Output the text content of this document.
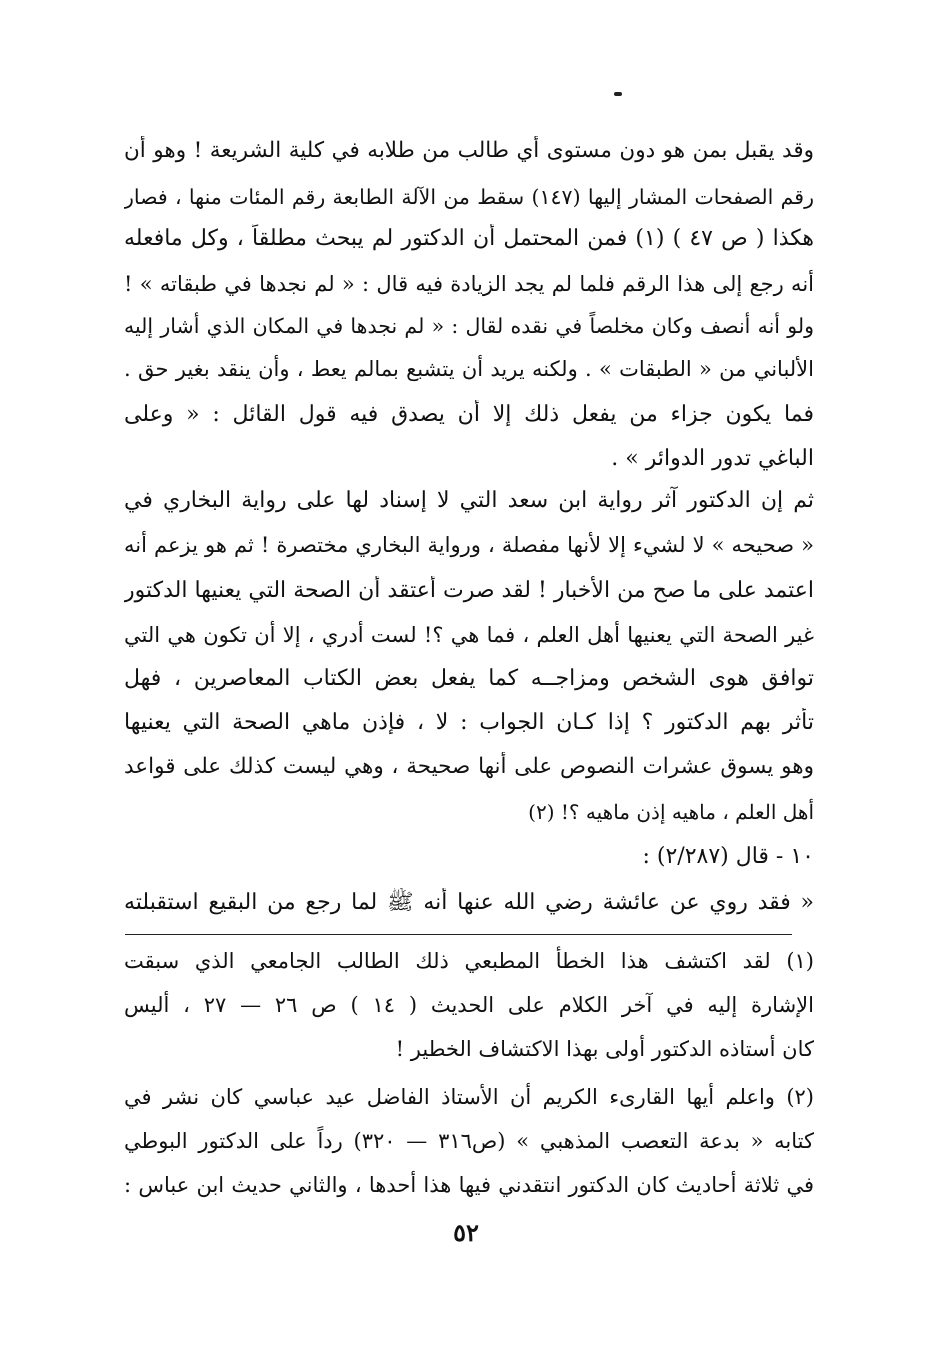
وقد يقبل بمن هو دون مستوى أي طالب من طلابه في كلية الشريعة ! وهو أن
رقم الصفحات المشار إليها (١٤٧) سقط من الآلة الطابعة رقم المئات منها ، فصار
هكذا ( ص ٤٧ ) (١) فمن المحتمل أن الدكتور لم يبحث مطلقاً ، وكل مافعله
أنه رجع إلى هذا الرقم فلما لم يجد الزيادة فيه قال : « لم نجدها في طبقاته » !
ولو أنه أنصف وكان مخلصاً في نقده لقال : « لم نجدها في المكان الذي أشار إليه
الألباني من « الطبقات » . ولكنه يريد أن يتشبع بمالم يعط ، وأن ينقد بغير حق .
فما يكون جزاء من يفعل ذلك إلا أن يصدق فيه قول القائل : « وعلى
الباغي تدور الدوائر » .
ثم إن الدكتور آثر رواية ابن سعد التي لا إسناد لها على رواية البخاري في
« صحيحه » لا لشيء إلا لأنها مفصلة ، ورواية البخاري مختصرة ! ثم هو يزعم أنه
اعتمد على ما صح من الأخبار ! لقد صرت أعتقد أن الصحة التي يعنيها الدكتور
غير الصحة التي يعنيها أهل العلم ، فما هي ؟! لست أدري ، إلا أن تكون هي التي
توافق هوى الشخص ومزاجــه كما يفعل بعض الكتاب المعاصرين ، فهل
تأثر بهم الدكتور ؟ إذا كـان الجواب : لا ، فإذن ماهي الصحة التي يعنيها
وهو يسوق عشرات النصوص على أنها صحيحة ، وهي ليست كذلك على قواعد
أهل العلم ، ماهيه إذن ماهيه ؟! (٢)
١٠ - قال (٢/٢٨٧) :
« فقد روي عن عائشة رضي الله عنها أنه ﷺ لما رجع من البقيع استقبلته
(١) لقد اكتشف هذا الخطأ المطبعي ذلك الطالب الجامعي الذي سبقت
الإشارة إليه في آخر الكلام على الحديث ( ١٤ ) ص ٢٦ — ٢٧ ، أليس
كان أستاذه الدكتور أولى بهذا الاكتشاف الخطير !
(٢) واعلم أيها القارىء الكريم أن الأستاذ الفاضل عيد عباسي كان نشر في
كتابه « بدعة التعصب المذهبي » (ص٣١٦ — ٣٢٠) رداً على الدكتور البوطي
في ثلاثة أحاديث كان الدكتور انتقدني فيها هذا أحدها ، والثاني حديث ابن عباس :
٥٢
